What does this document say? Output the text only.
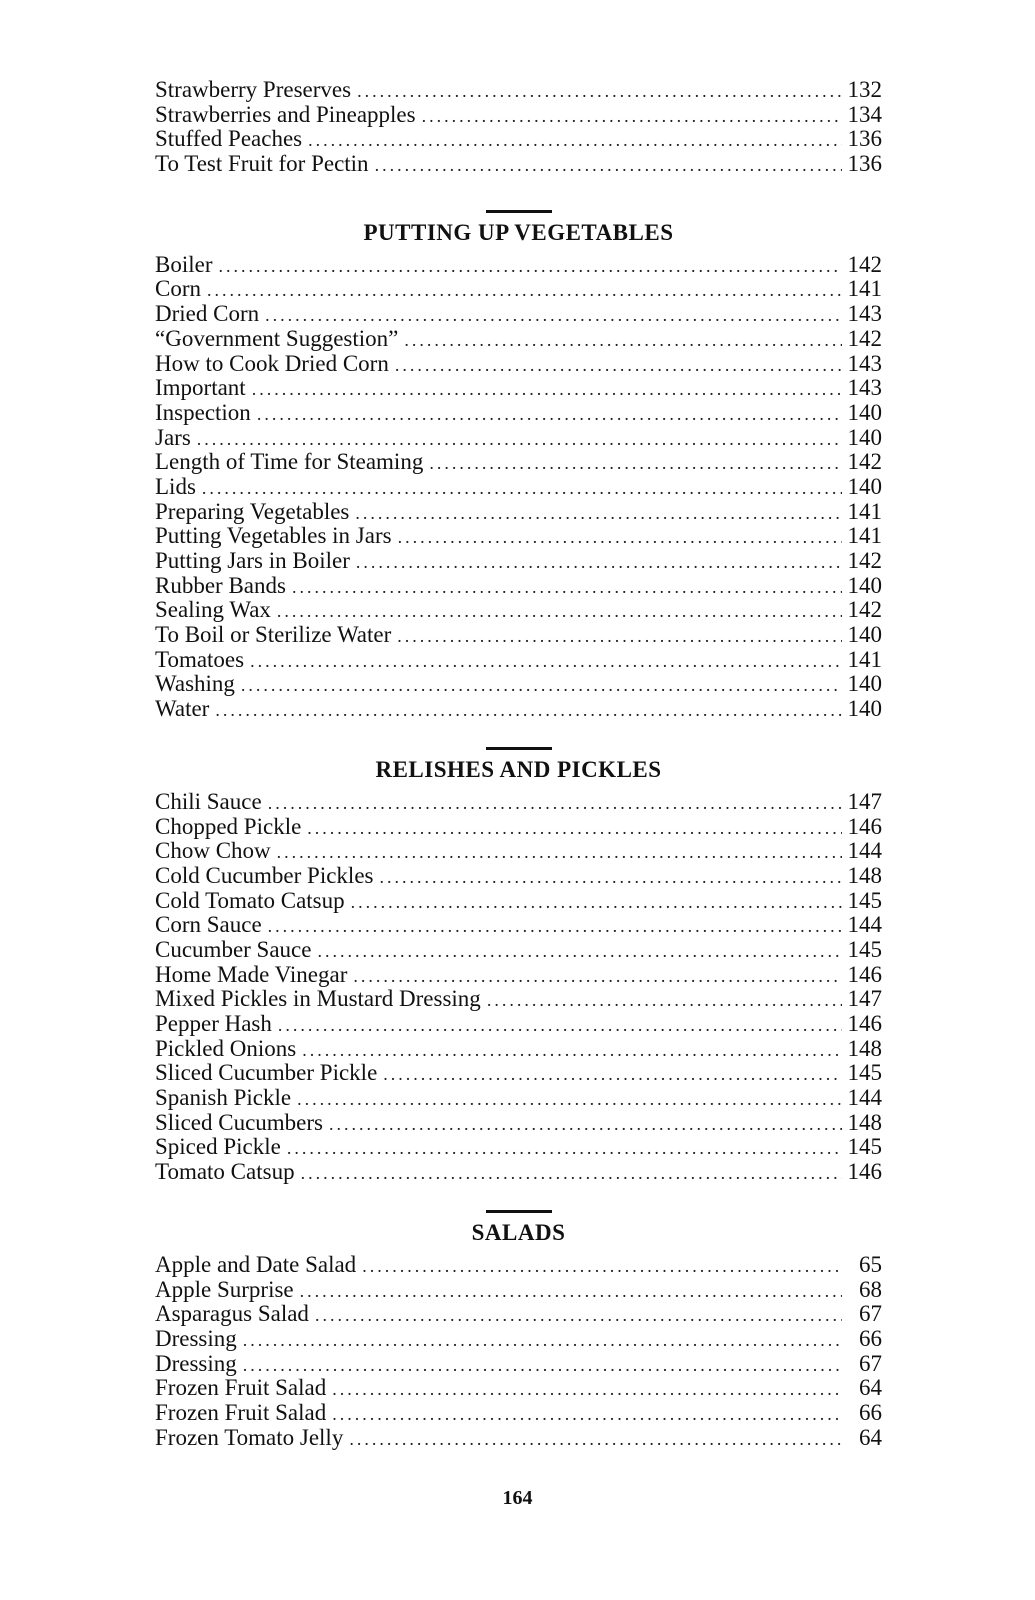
Strawberry Preserves .....	132
Strawberries and Pineapples .....	134
Stuffed Peaches .....	136
To Test Fruit for Pectin .....	136
PUTTING UP VEGETABLES
Boiler .....	142
Corn .....	141
Dried Corn .....	143
“Government Suggestion” .....	142
How to Cook Dried Corn .....	143
Important .....	143
Inspection .....	140
Jars .....	140
Length of Time for Steaming .....	142
Lids .....	140
Preparing Vegetables .....	141
Putting Vegetables in Jars .....	141
Putting Jars in Boiler .....	142
Rubber Bands .....	140
Sealing Wax .....	142
To Boil or Sterilize Water .....	140
Tomatoes .....	141
Washing .....	140
Water .....	140
RELISHES AND PICKLES
Chili Sauce .....	147
Chopped Pickle .....	146
Chow Chow .....	144
Cold Cucumber Pickles .....	148
Cold Tomato Catsup .....	145
Corn Sauce .....	144
Cucumber Sauce .....	145
Home Made Vinegar .....	146
Mixed Pickles in Mustard Dressing .....	147
Pepper Hash .....	146
Pickled Onions .....	148
Sliced Cucumber Pickle .....	145
Spanish Pickle .....	144
Sliced Cucumbers .....	148
Spiced Pickle .....	145
Tomato Catsup .....	146
SALADS
Apple and Date Salad .....	65
Apple Surprise .....	68
Asparagus Salad .....	67
Dressing .....	66
Dressing .....	67
Frozen Fruit Salad .....	64
Frozen Fruit Salad .....	66
Frozen Tomato Jelly .....	64
164
